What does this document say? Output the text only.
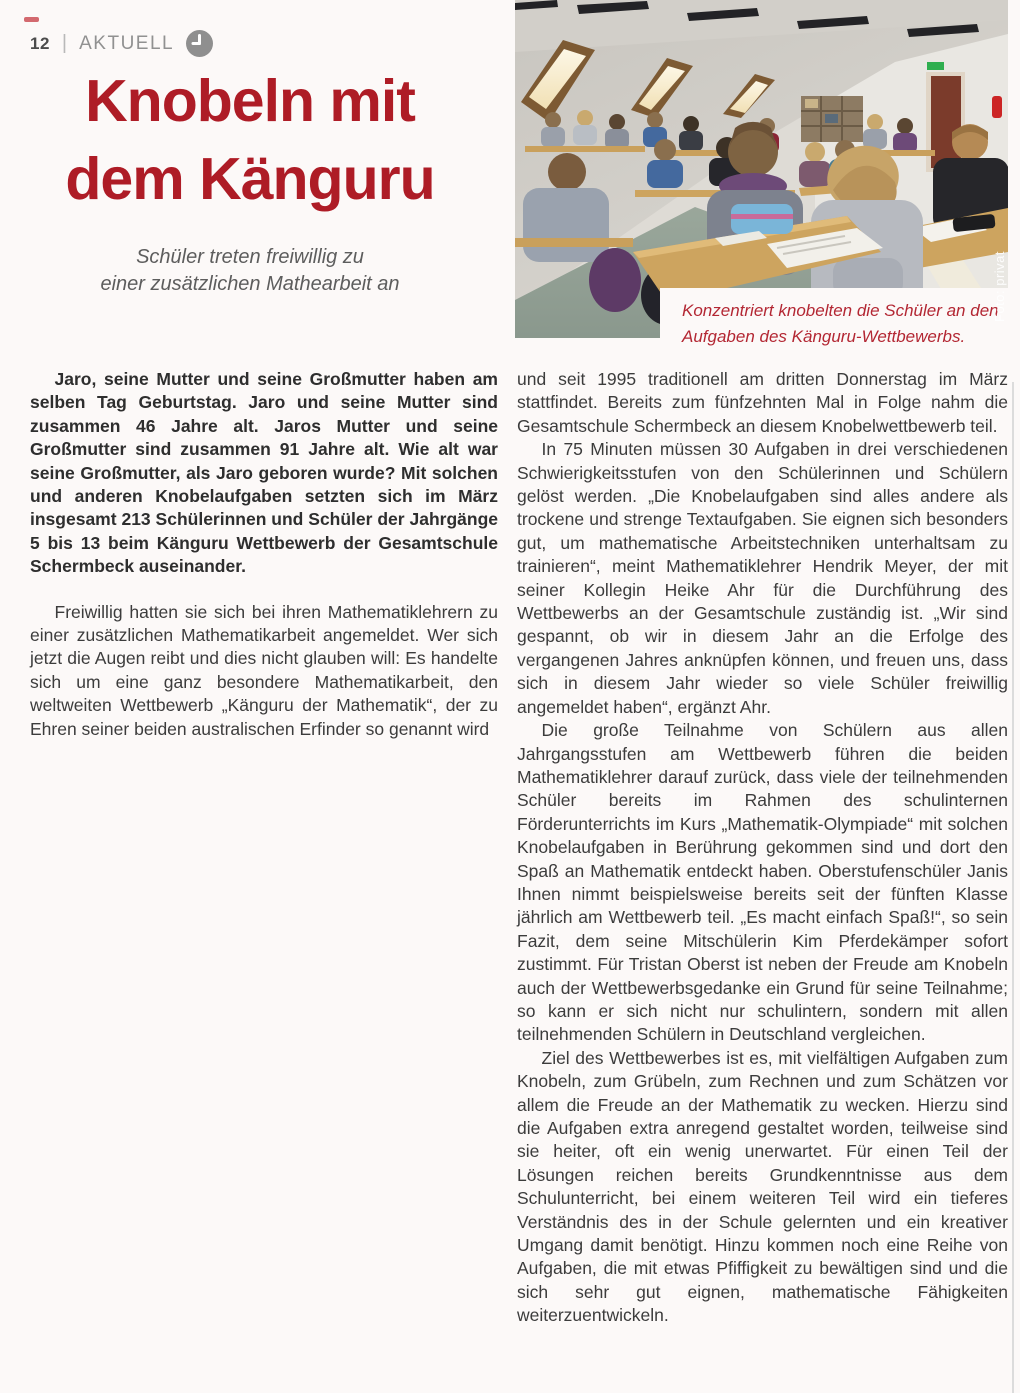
12 | AKTUELL
Knobeln mit
dem Känguru
Schüler treten freiwillig zu
einer zusätzlichen Mathearbeit an
Konzentriert knobelten die Schüler an den Aufgaben des Känguru-Wettbewerbs.
Foto: privat

Jaro, seine Mutter und seine Großmutter haben am selben Tag Geburtstag. Jaro und seine Mutter sind zusammen 46 Jahre alt. Jaros Mutter und seine Großmutter sind zusammen 91 Jahre alt. Wie alt war seine Großmutter, als Jaro geboren wurde? Mit solchen und anderen Knobelaufgaben setzten sich im März insgesamt 213 Schülerinnen und Schüler der Jahrgänge 5 bis 13 beim Känguru Wettbewerb der Gesamtschule Schermbeck auseinander.

Freiwillig hatten sie sich bei ihren Mathematiklehrern zu einer zusätzlichen Mathematikarbeit angemeldet. Wer sich jetzt die Augen reibt und dies nicht glauben will: Es handelte sich um eine ganz besondere Mathematikarbeit, den weltweiten Wettbewerb „Känguru der Mathematik“, der zu Ehren seiner beiden australischen Erfinder so genannt wird

und seit 1995 traditionell am dritten Donnerstag im März stattfindet. Bereits zum fünfzehnten Mal in Folge nahm die Gesamtschule Schermbeck an diesem Knobelwettbewerb teil.

In 75 Minuten müssen 30 Aufgaben in drei verschiedenen Schwierigkeitsstufen von den Schülerinnen und Schülern gelöst werden. „Die Knobelaufgaben sind alles andere als trockene und strenge Textaufgaben. Sie eignen sich besonders gut, um mathematische Arbeitstechniken unterhaltsam zu trainieren“, meint Mathematiklehrer Hendrik Meyer, der mit seiner Kollegin Heike Ahr für die Durchführung des Wettbewerbs an der Gesamtschule zuständig ist. „Wir sind gespannt, ob wir in diesem Jahr an die Erfolge des vergangenen Jahres anknüpfen können, und freuen uns, dass sich in diesem Jahr wieder so viele Schüler freiwillig angemeldet haben“, ergänzt Ahr.

Die große Teilnahme von Schülern aus allen Jahrgangsstufen am Wettbewerb führen die beiden Mathematiklehrer darauf zurück, dass viele der teilnehmenden Schüler bereits im Rahmen des schulinternen Förderunterrichts im Kurs „Mathematik-Olympiade“ mit solchen Knobelaufgaben in Berührung gekommen sind und dort den Spaß an Mathematik entdeckt haben. Oberstufenschüler Janis Ihnen nimmt beispielsweise bereits seit der fünften Klasse jährlich am Wettbewerb teil. „Es macht einfach Spaß!“, so sein Fazit, dem seine Mitschülerin Kim Pferdekämper sofort zustimmt. Für Tristan Oberst ist neben der Freude am Knobeln auch der Wettbewerbsgedanke ein Grund für seine Teilnahme; so kann er sich nicht nur schulintern, sondern mit allen teilnehmenden Schülern in Deutschland vergleichen.

Ziel des Wettbewerbes ist es, mit vielfältigen Aufgaben zum Knobeln, zum Grübeln, zum Rechnen und zum Schätzen vor allem die Freude an der Mathematik zu wecken. Hierzu sind die Aufgaben extra anregend gestaltet worden, teilweise sind sie heiter, oft ein wenig unerwartet. Für einen Teil der Lösungen reichen bereits Grundkenntnisse aus dem Schulunterricht, bei einem weiteren Teil wird ein tieferes Verständnis des in der Schule gelernten und ein kreativer Umgang damit benötigt. Hinzu kommen noch eine Reihe von Aufgaben, die mit etwas Pfiffigkeit zu bewältigen sind und die sich sehr gut eignen, mathematische Fähigkeiten weiterzuentwickeln.
